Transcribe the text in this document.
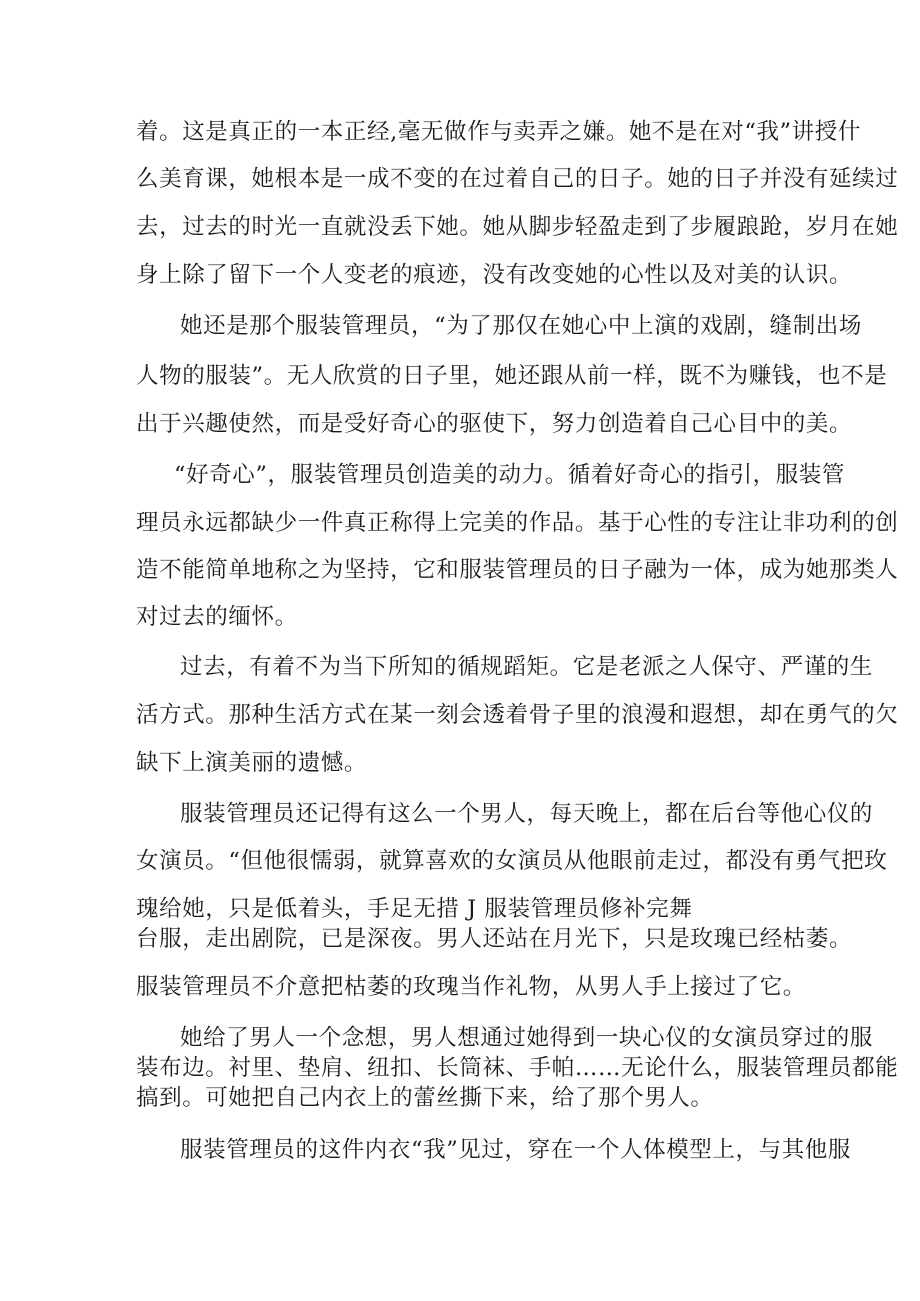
着。这是真正的一本正经,毫无做作与卖弄之嫌。她不是在对“我”讲授什
么美育课，她根本是一成不变的在过着自己的日子。她的日子并没有延续过
去，过去的时光一直就没丢下她。她从脚步轻盈走到了步履踉跄，岁月在她
身上除了留下一个人变老的痕迹，没有改变她的心性以及对美的认识。
她还是那个服装管理员，“为了那仅在她心中上演的戏剧，缝制出场
人物的服装”。无人欣赏的日子里，她还跟从前一样，既不为赚钱，也不是
出于兴趣使然，而是受好奇心的驱使下，努力创造着自己心目中的美。
“好奇心”，服装管理员创造美的动力。循着好奇心的指引，服装管
理员永远都缺少一件真正称得上完美的作品。基于心性的专注让非功利的创
造不能简单地称之为坚持，它和服装管理员的日子融为一体，成为她那类人
对过去的缅怀。
过去，有着不为当下所知的循规蹈矩。它是老派之人保守、严谨的生
活方式。那种生活方式在某一刻会透着骨子里的浪漫和遐想，却在勇气的欠
缺下上演美丽的遗憾。
服装管理员还记得有这么一个男人，每天晚上，都在后台等他心仪的
女演员。“但他很懦弱，就算喜欢的女演员从他眼前走过，都没有勇气把玫
瑰给她，只是低着头，手足无措 J 服装管理员修补完舞
台服，走出剧院，已是深夜。男人还站在月光下，只是玫瑰已经枯萎。
服装管理员不介意把枯萎的玫瑰当作礼物，从男人手上接过了它。
她给了男人一个念想，男人想通过她得到一块心仪的女演员穿过的服
装布边。衬里、垫肩、纽扣、长筒袜、手帕……无论什么，服装管理员都能
搞到。可她把自己内衣上的蕾丝撕下来，给了那个男人。
服装管理员的这件内衣“我”见过，穿在一个人体模型上，与其他服
